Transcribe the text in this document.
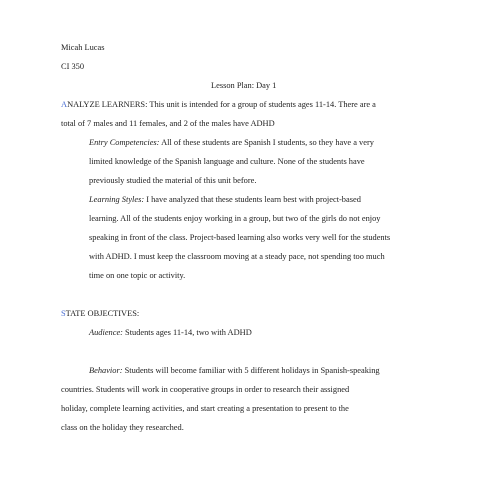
Micah Lucas
CI 350
Lesson Plan: Day 1
ANALYZE LEARNERS: This unit is intended for a group of students ages 11-14. There are a
total of 7 males and 11 females, and 2 of the males have ADHD
Entry Competencies: All of these students are Spanish I students, so they have a very
limited knowledge of the Spanish language and culture. None of the students have
previously studied the material of this unit before.
Learning Styles: I have analyzed that these students learn best with project-based
learning. All of the students enjoy working in a group, but two of the girls do not enjoy
speaking in front of the class. Project-based learning also works very well for the students
with ADHD. I must keep the classroom moving at a steady pace, not spending too much
time on one topic or activity.
STATE OBJECTIVES:
Audience: Students ages 11-14, two with ADHD
Behavior: Students will become familiar with 5 different holidays in Spanish-speaking
countries. Students will work in cooperative groups in order to research their assigned
holiday, complete learning activities, and start creating a presentation to present to the
class on the holiday they researched.
